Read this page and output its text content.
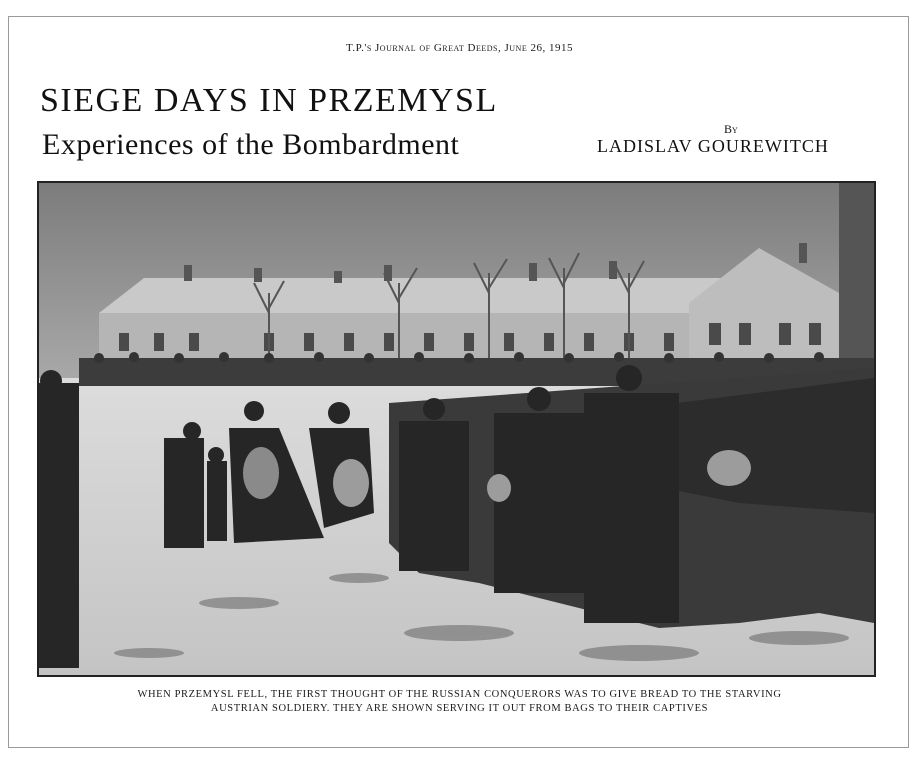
T.P.'s Journal of Great Deeds, June 26, 1915
SIEGE DAYS IN PRZEMYSL
Experiences of the Bombardment	By
LADISLAV GOUREWITCH
WHEN PRZEMYSL FELL, THE FIRST THOUGHT OF THE RUSSIAN CONQUERORS WAS TO GIVE BREAD TO THE STARVING
AUSTRIAN SOLDIERY. THEY ARE SHOWN SERVING IT OUT FROM BAGS TO THEIR CAPTIVES
